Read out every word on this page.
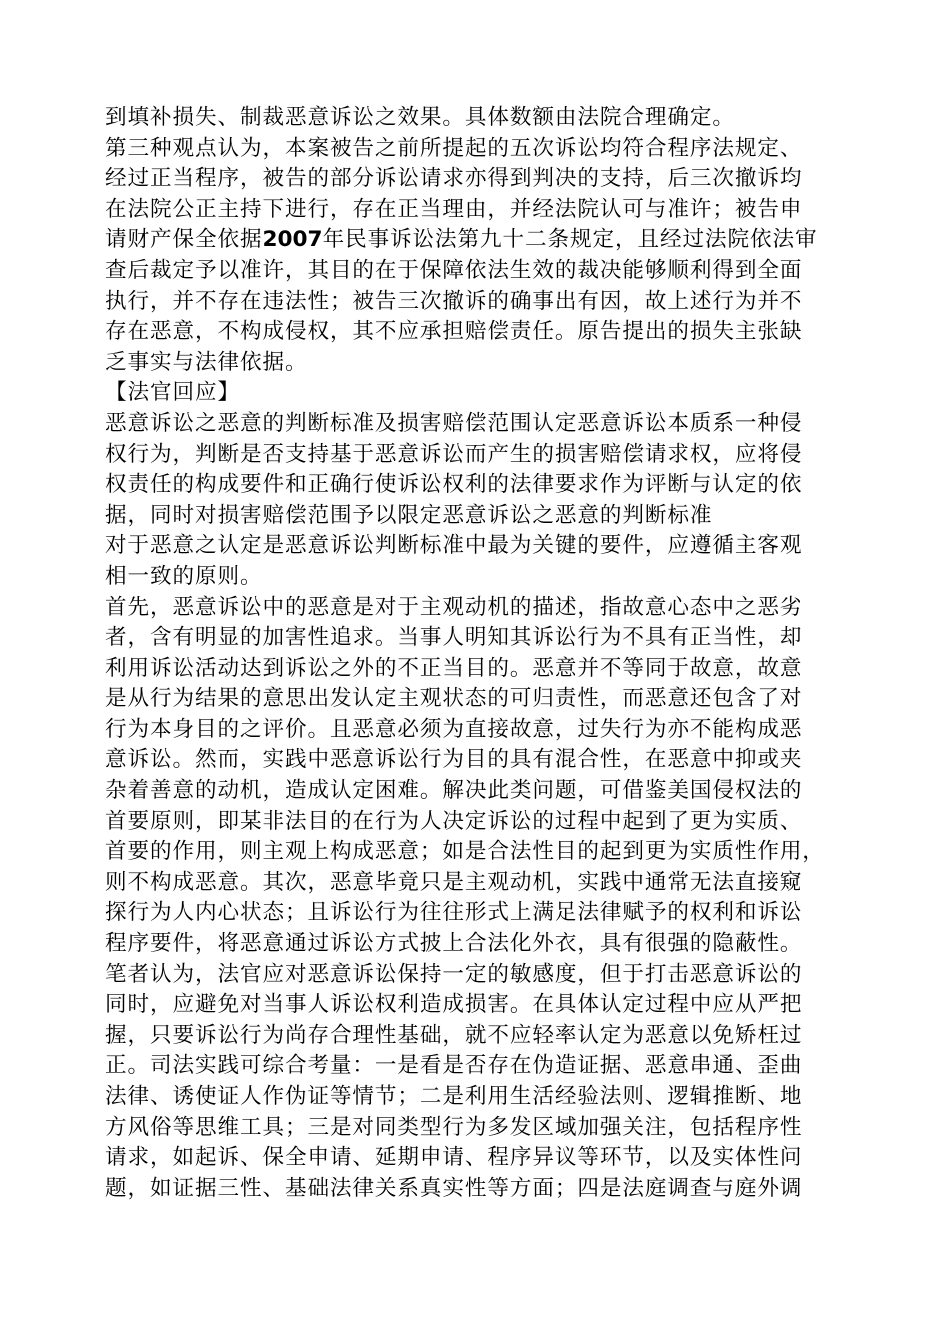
到填补损失、制裁恶意诉讼之效果。具体数额由法院合理确定。
第三种观点认为，本案被告之前所提起的五次诉讼均符合程序法规定、
经过正当程序，被告的部分诉讼请求亦得到判决的支持，后三次撤诉均
在法院公正主持下进行，存在正当理由，并经法院认可与准许；被告申
请财产保全依据2007年民事诉讼法第九十二条规定，且经过法院依法审
查后裁定予以准许，其目的在于保障依法生效的裁决能够顺利得到全面
执行，并不存在违法性；被告三次撤诉的确事出有因，故上述行为并不
存在恶意，不构成侵权，其不应承担赔偿责任。原告提出的损失主张缺
乏事实与法律依据。
【法官回应】
恶意诉讼之恶意的判断标准及损害赔偿范围认定恶意诉讼本质系一种侵
权行为，判断是否支持基于恶意诉讼而产生的损害赔偿请求权，应将侵
权责任的构成要件和正确行使诉讼权利的法律要求作为评断与认定的依
据，同时对损害赔偿范围予以限定恶意诉讼之恶意的判断标准
对于恶意之认定是恶意诉讼判断标准中最为关键的要件，应遵循主客观
相一致的原则。
首先，恶意诉讼中的恶意是对于主观动机的描述，指故意心态中之恶劣
者，含有明显的加害性追求。当事人明知其诉讼行为不具有正当性，却
利用诉讼活动达到诉讼之外的不正当目的。恶意并不等同于故意，故意
是从行为结果的意思出发认定主观状态的可归责性，而恶意还包含了对
行为本身目的之评价。且恶意必须为直接故意，过失行为亦不能构成恶
意诉讼。然而，实践中恶意诉讼行为目的具有混合性，在恶意中抑或夹
杂着善意的动机，造成认定困难。解决此类问题，可借鉴美国侵权法的
首要原则，即某非法目的在行为人决定诉讼的过程中起到了更为实质、
首要的作用，则主观上构成恶意；如是合法性目的起到更为实质性作用，
则不构成恶意。其次，恶意毕竟只是主观动机，实践中通常无法直接窥
探行为人内心状态；且诉讼行为往往形式上满足法律赋予的权利和诉讼
程序要件，将恶意通过诉讼方式披上合法化外衣，具有很强的隐蔽性。
笔者认为，法官应对恶意诉讼保持一定的敏感度，但于打击恶意诉讼的
同时，应避免对当事人诉讼权利造成损害。在具体认定过程中应从严把
握，只要诉讼行为尚存合理性基础，就不应轻率认定为恶意以免矫枉过
正。司法实践可综合考量：一是看是否存在伪造证据、恶意串通、歪曲
法律、诱使证人作伪证等情节；二是利用生活经验法则、逻辑推断、地
方风俗等思维工具；三是对同类型行为多发区域加强关注，包括程序性
请求，如起诉、保全申请、延期申请、程序异议等环节，以及实体性问
题，如证据三性、基础法律关系真实性等方面；四是法庭调查与庭外调
